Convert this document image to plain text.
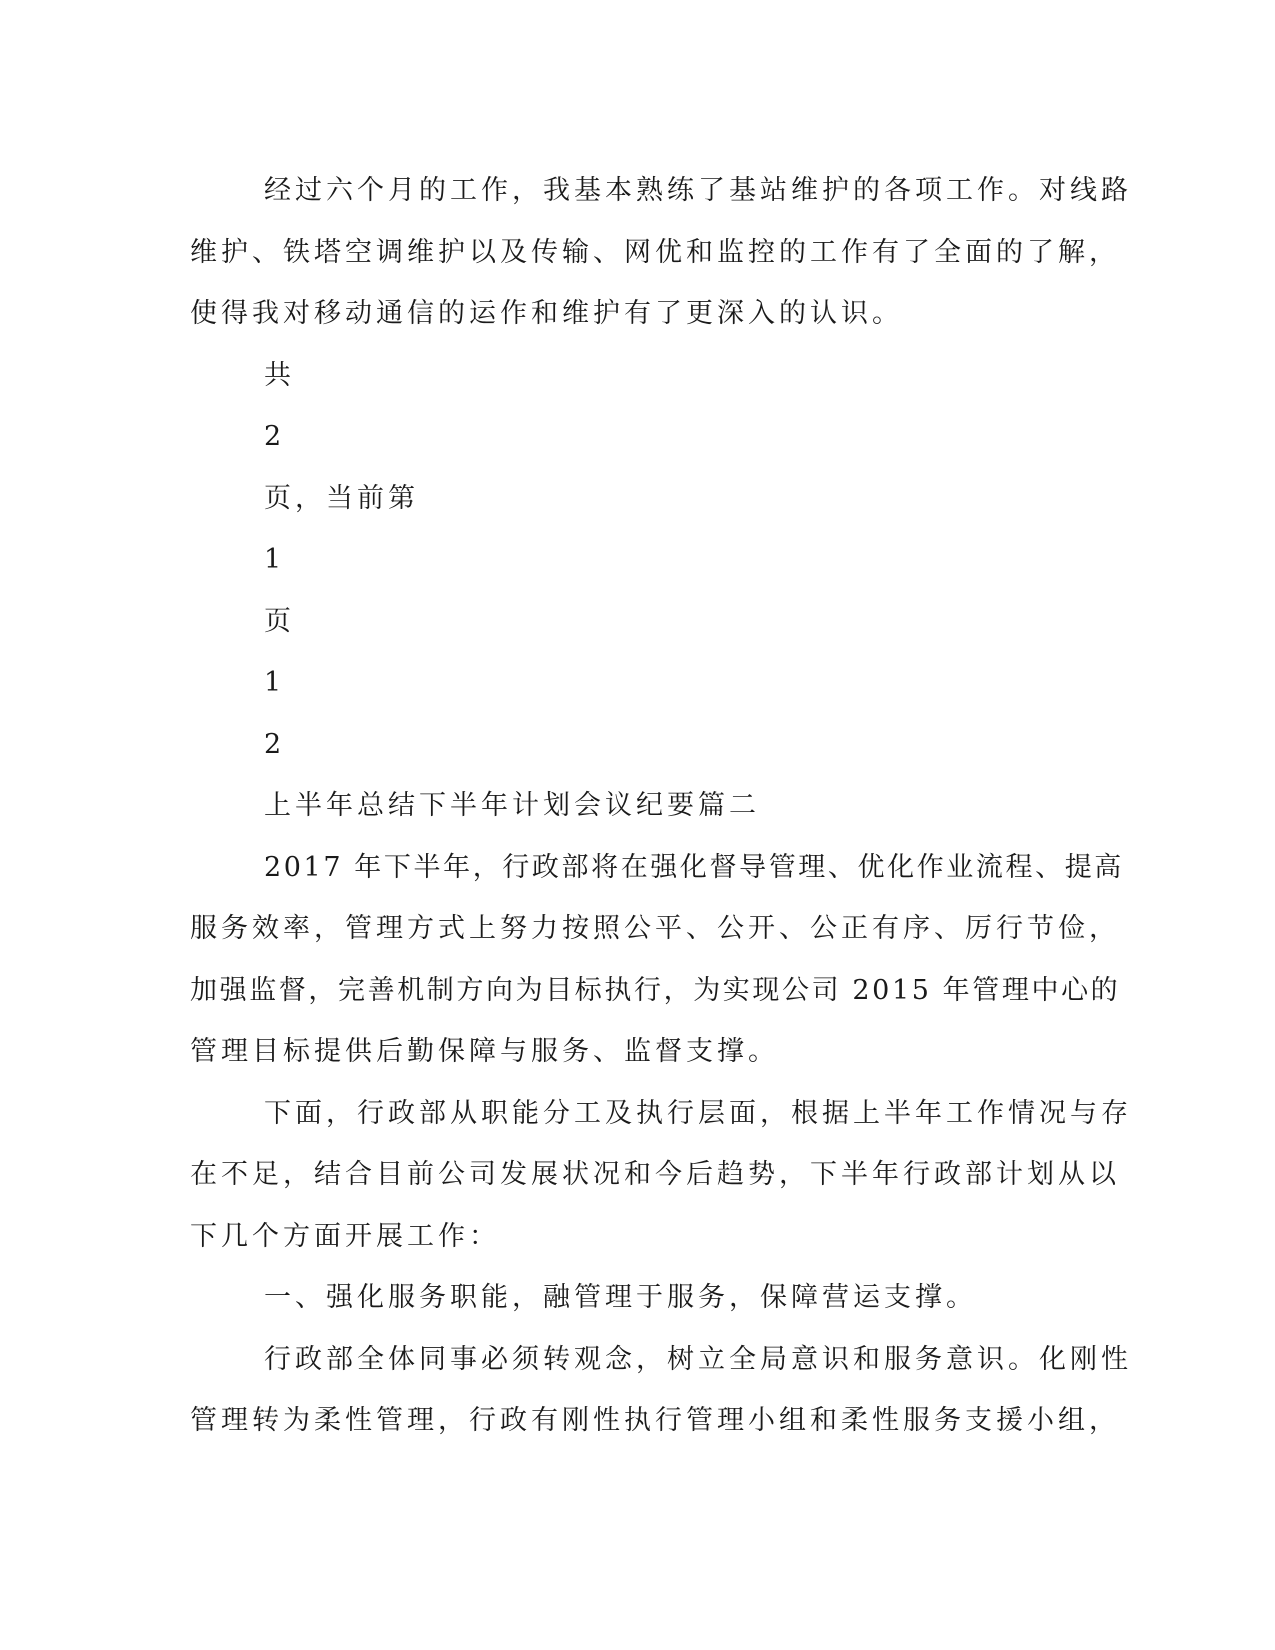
经过六个月的工作，我基本熟练了基站维护的各项工作。对线路

维护、铁塔空调维护以及传输、网优和监控的工作有了全面的了解，

使得我对移动通信的运作和维护有了更深入的认识。

共

2

页，当前第

1

页

1

2

上半年总结下半年计划会议纪要篇二

2017 年下半年，行政部将在强化督导管理、优化作业流程、提高

服务效率，管理方式上努力按照公平、公开、公正有序、厉行节俭，

加强监督，完善机制方向为目标执行，为实现公司 2015 年管理中心的

管理目标提供后勤保障与服务、监督支撑。

下面，行政部从职能分工及执行层面，根据上半年工作情况与存

在不足，结合目前公司发展状况和今后趋势，下半年行政部计划从以

下几个方面开展工作：

一、强化服务职能，融管理于服务，保障营运支撑。

行政部全体同事必须转观念，树立全局意识和服务意识。化刚性

管理转为柔性管理，行政有刚性执行管理小组和柔性服务支援小组，
